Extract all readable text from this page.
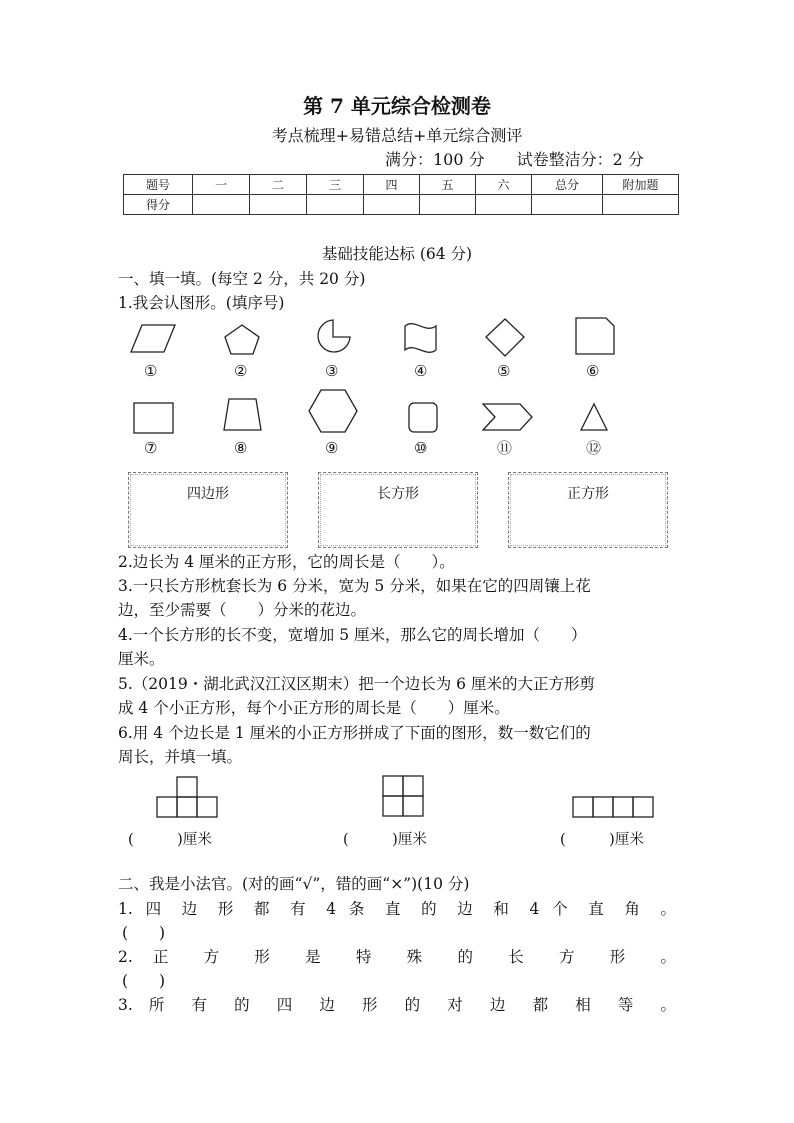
第 7 单元综合检测卷
考点梳理+易错总结+单元综合测评
满分：100 分　　试卷整洁分：2 分
题号	一	二	三	四	五	六	总分	附加题
得分								
基础技能达标 (64 分)
一、填一填。(每空 2 分，共 20 分)
1.我会认图形。(填序号)
①	②	③	④	⑤	⑥
⑦	⑧	⑨	⑩	⑪	⑫
四边形	长方形	正方形
2.边长为 4 厘米的正方形，它的周长是（　　）。
3.一只长方形枕套长为 6 分米，宽为 5 分米，如果在它的四周镶上花
边，至少需要（　　）分米的花边。
4.一个长方形的长不变，宽增加 5 厘米，那么它的周长增加（　　）
厘米。
5.（2019・湖北武汉江汉区期末）把一个边长为 6 厘米的大正方形剪
成 4 个小正方形，每个小正方形的周长是（　　）厘米。
6.用 4 个边长是 1 厘米的小正方形拼成了下面的图形，数一数它们的
周长，并填一填。
(　　　)厘米	(　　　)厘米	(　　　)厘米
二、我是小法官。(对的画“√”，错的画“×”)(10 分)
1. 四 边 形 都 有 4 条 直 的 边 和 4 个 直 角 。
(　　)
2. 正 方 形 是 特 殊 的 长 方 形 。
(　　)
3. 所 有 的 四 边 形 的 对 边 都 相 等 。
